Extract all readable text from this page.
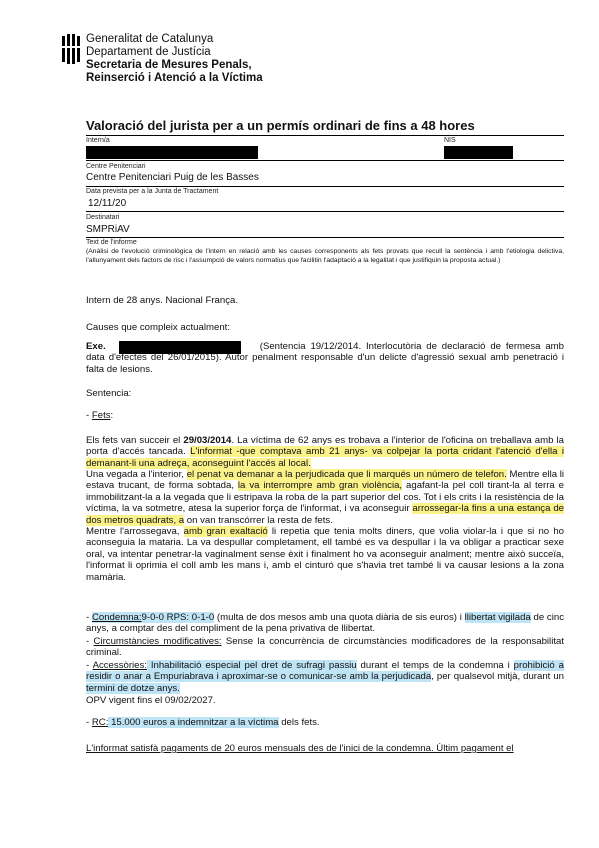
Generalitat de Catalunya
Departament de Justícia
Secretaria de Mesures Penals,
Reinserció i Atenció a la Víctima
Valoració del jurista per a un permís ordinari de fins a 48 hores
Intern/a	NIS
Centre Penitenciari
Centre Penitenciari Puig de les Basses
Data prevista per a la Junta de Tractament
12/11/20
Destinatari
SMPRiAV
Text de l'informe
(Anàlisi de l'evolució criminològica de l'intern en relació amb les causes corresponents als fets provats que recull la sentència i amb l'etiologia delictiva, l'allunyament dels factors de risc i l'assumpció de valors normatius que facilitin l'adaptació a la legalitat i que justifiquin la proposta actual.)
Intern de 28 anys. Nacional França.
Causes que compleix actualment:
Exe.	(Sentencia 19/12/2014. Interlocutòria de declaració de fermesa amb data d'efectes del 26/01/2015). Autor penalment responsable d'un delicte d'agressió sexual amb penetració i falta de lesions.
Sentencia:
- Fets:
Els fets van succeir el 29/03/2014. La víctima de 62 anys es trobava a l'interior de l'oficina on treballava amb la porta d'accés tancada. L'informat -que comptava amb 21 anys- va colpejar la porta cridant l'atenció d'ella i demanant-li una adreça, aconseguint l'accés al local.
Una vegada a l'interior, el penat va demanar a la perjudicada que li marqués un número de telefon. Mentre ella li estava trucant, de forma sobtada, la va interrompre amb gran violència, agafant-la pel coll tirant-la al terra e immobilitzant-la a la vegada que li estripava la roba de la part superior del cos. Tot i els crits i la resistència de la víctima, la va sotmetre, atesa la superior força de l'informat, i va aconseguir arrossegar-la fins a una estança de dos metros quadrats, a on van transcórrer la resta de fets.
Mentre l'arrossegava, amb gran exaltació li repetia que tenia molts diners, que volia violar-la i que si no ho aconseguia la mataria. La va despullar completament, ell també es va despullar i la va obligar a practicar sexe oral, va intentar penetrar-la vaginalment sense èxit i finalment ho va aconseguir analment; mentre això succeïa, l'informat li oprimia el coll amb les mans i, amb el cinturó que s'havia tret també li va causar lesions a la zona mamària.
- Condemna:9-0-0 RPS: 0-1-0 (multa de dos mesos amb una quota diària de sis euros) i llibertat vigilada de cinc anys, a comptar des del compliment de la pena privativa de llibertat.
- Circumstàncies modificatives: Sense la concurrència de circumstàncies modificadores de la responsabilitat criminal.
- Accessòries: Inhabilitació especial pel dret de sufragi passiu durant el temps de la condemna i prohibició a residir o anar a Empuriabrava i aproximar-se o comunicar-se amb la perjudicada, per qualsevol mitjà, durant un termini de dotze anys.
OPV vigent fins el 09/02/2027.
- RC: 15.000 euros a indemnitzar a la víctima dels fets.
L'informat satisfà pagaments de 20 euros mensuals des de l'inici de la condemna. Últim pagament el
